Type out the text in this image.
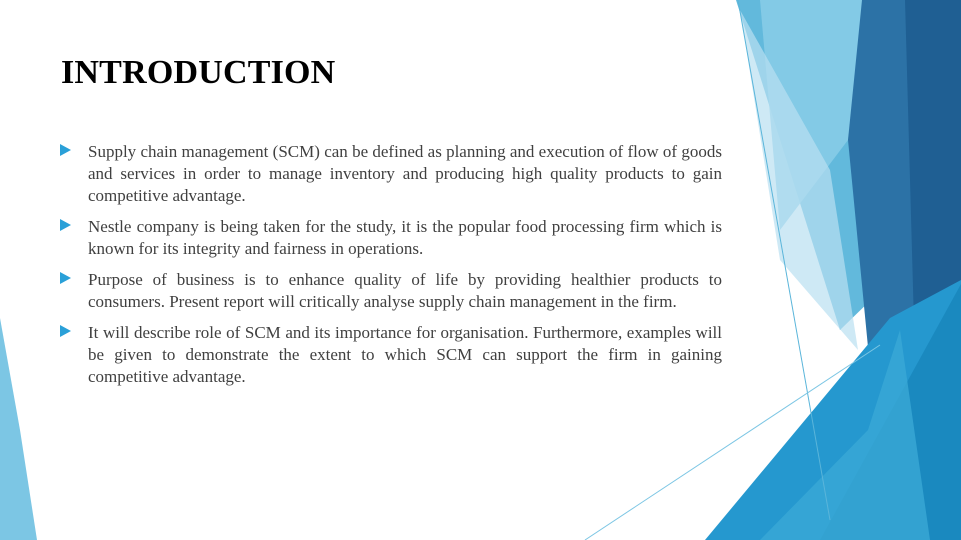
INTRODUCTION
Supply chain management (SCM) can be defined as planning and execution of flow of goods and services in order to manage inventory and producing high quality products to gain competitive advantage.
Nestle company is being taken for the study, it is the popular food processing firm which is known for its integrity and fairness in operations.
Purpose of business is to enhance quality of life by providing healthier products to consumers. Present report will critically analyse supply chain management in the firm.
It will describe role of SCM and its importance for organisation. Furthermore, examples will be given to demonstrate the extent to which SCM can support the firm in gaining competitive advantage.
